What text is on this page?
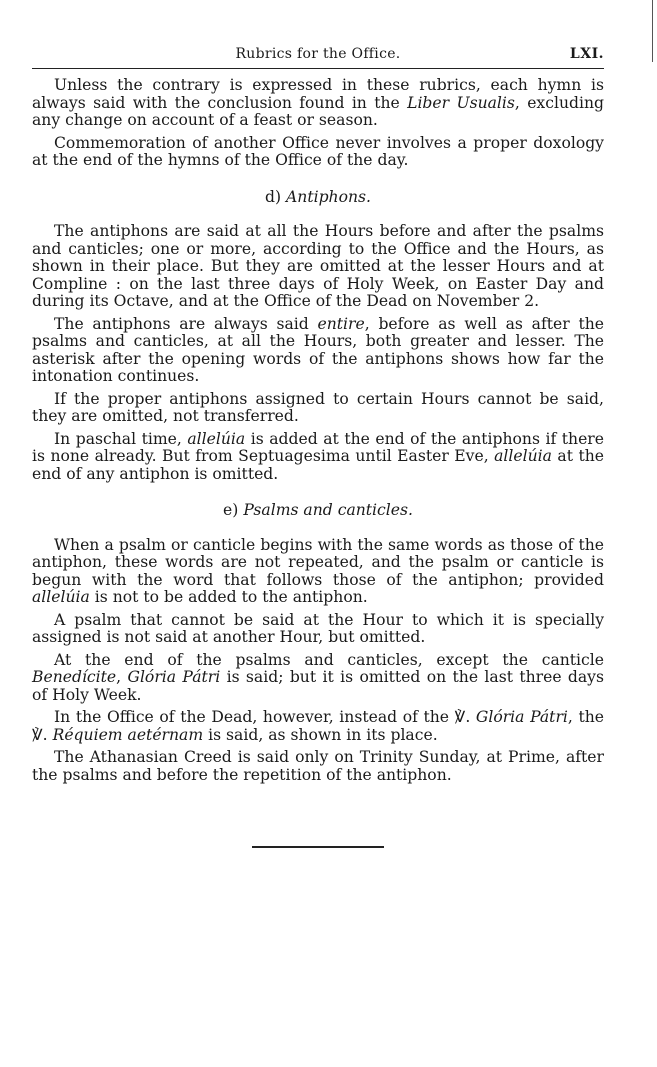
Rubrics for the Office.	LXI.

Unless the contrary is expressed in these rubrics, each hymn is always said with the conclusion found in the Liber Usualis, excluding any change on account of a feast or season.

Commemoration of another Office never involves a proper doxology at the end of the hymns of the Office of the day.

d) Antiphons.

The antiphons are said at all the Hours before and after the psalms and canticles; one or more, according to the Office and the Hours, as shown in their place. But they are omitted at the lesser Hours and at Compline : on the last three days of Holy Week, on Easter Day and during its Octave, and at the Office of the Dead on November 2.

The antiphons are always said entire, before as well as after the psalms and canticles, at all the Hours, both greater and lesser. The asterisk after the opening words of the antiphons shows how far the intonation continues.

If the proper antiphons assigned to certain Hours cannot be said, they are omitted, not transferred.

In paschal time, allelúia is added at the end of the antiphons if there is none already. But from Septuagesima until Easter Eve, allelúia at the end of any antiphon is omitted.

e) Psalms and canticles.

When a psalm or canticle begins with the same words as those of the antiphon, these words are not repeated, and the psalm or canticle is begun with the word that follows those of the antiphon; provided allelúia is not to be added to the antiphon.

A psalm that cannot be said at the Hour to which it is specially assigned is not said at another Hour, but omitted.

At the end of the psalms and canticles, except the canticle Benedícite, Glória Pátri is said; but it is omitted on the last three days of Holy Week.

In the Office of the Dead, however, instead of the ℣. Glória Pátri, the ℣. Réquiem aetérnam is said, as shown in its place.

The Athanasian Creed is said only on Trinity Sunday, at Prime, after the psalms and before the repetition of the antiphon.
